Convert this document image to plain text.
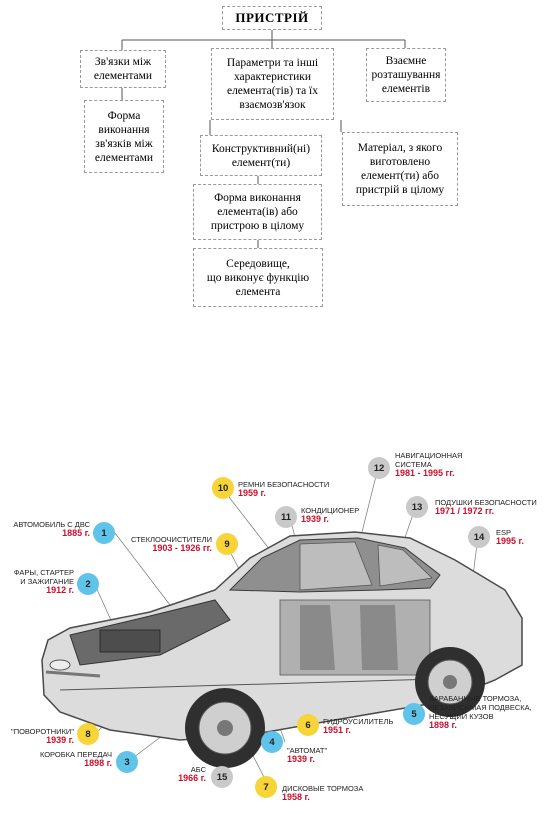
ПРИСТРІЙ
Зв'язки між
елементами
Параметри та інші
характеристики
елемента(тів) та їх
взаємозв'язок
Взаємне
розташування
елементів
Форма
виконання
зв'язків між
елементами
Конструктивний(ні)
елемент(ти)
Матеріал, з якого
виготовлено
елемент(ти) або
пристрій в цілому
Форма виконання
елемента(ів) або
пристрою в цілому
Середовище,
що виконує функцію
елемента
1
2
3
4
5
6
7
8
9
10
11
12
13
14
15
АВТОМОБИЛЬ С ДВС
1885 г.
ФАРЫ, СТАРТЕР
И ЗАЖИГАНИЕ
1912 г.
КОРОБКА ПЕРЕДАЧ
1898 г.
"АВТОМАТ"
1939 г.
БАРАБАННЫЕ ТОРМОЗА,
НЕЗАВИСИМАЯ ПОДВЕСКА,
НЕСУЩИЙ КУЗОВ
1898 г.
ГИДРОУСИЛИТЕЛЬ
1951 г.
ДИСКОВЫЕ ТОРМОЗА
1958 г.
"ПОВОРОТНИКИ"
1939 г.
СТЕКЛООЧИСТИТЕЛИ
1903 - 1926 гг.
РЕМНИ БЕЗОПАСНОСТИ
1959 г.
КОНДИЦИОНЕР
1939 г.
НАВИГАЦИОННАЯ
СИСТЕМА
1981 - 1995 гг.
ПОДУШКИ БЕЗОПАСНОСТИ
1971 / 1972 гг.
ESP
1995 г.
АБС
1966 г.
